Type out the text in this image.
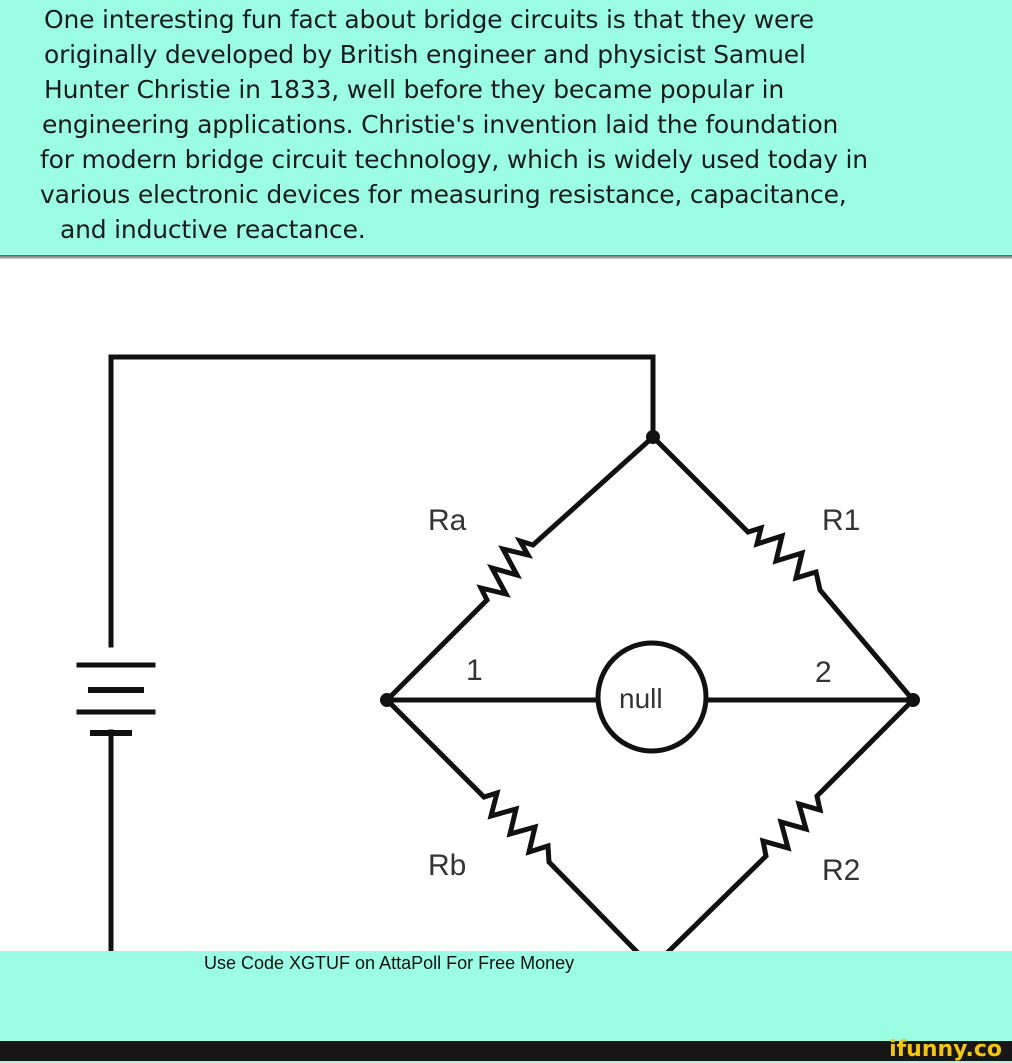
One interesting fun fact about bridge circuits is that they were
originally developed by British engineer and physicist Samuel
Hunter Christie in 1833, well before they became popular in
engineering applications. Christie's invention laid the foundation
for modern bridge circuit technology, which is widely used today in
various electronic devices for measuring resistance, capacitance,
and inductive reactance.
Ra	R1
Rb	R2
1	2
null
Use Code XGTUF on AttaPoll For Free Money
ifunny.co
